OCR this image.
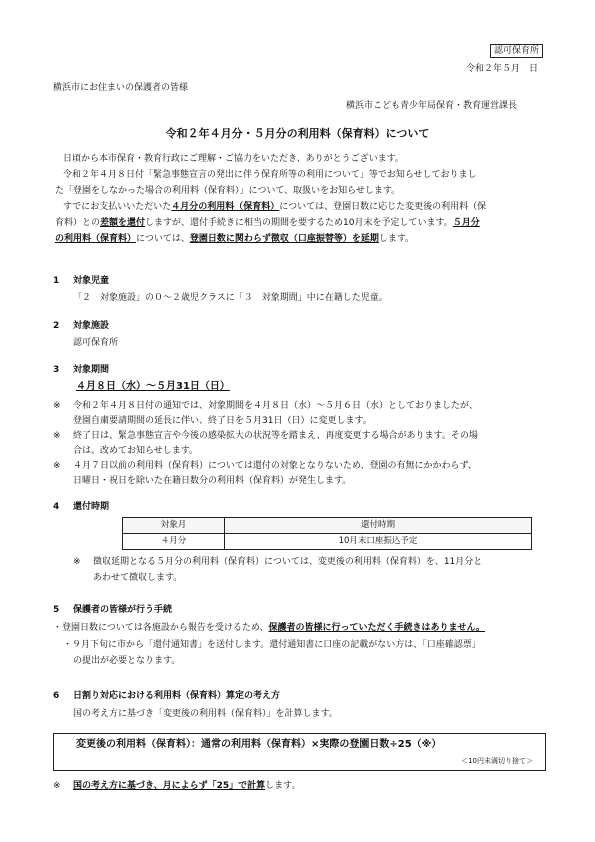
認可保育所
令和２年５月　日
横浜市にお住まいの保護者の皆様
横浜市こども青少年局保育・教育運営課長
令和２年４月分・５月分の利用料（保育料）について
日頃から本市保育・教育行政にご理解・ご協力をいただき、ありがとうございます。
令和２年４月８日付「緊急事態宣言の発出に伴う保育所等の利用について」等でお知らせしておりまし
た「登園をしなかった場合の利用料（保育料）」について、取扱いをお知らせします。
すでにお支払いいただいた４月分の利用料（保育料）については、登園日数に応じた変更後の利用料（保
育料）との差額を還付しますが、還付手続きに相当の期間を要するため10月末を予定しています。５月分
の利用料（保育料）については、登園日数に関わらず徴収（口座振替等）を延期します。
1 対象児童
「２　対象施設」の０～２歳児クラスに「３　対象期間」中に在籍した児童。
2 対象施設
認可保育所
3 対象期間
４月８日（水）～５月31日（日）
※ 令和２年４月８日付の通知では、対象期間を４月８日（水）～５月６日（水）としておりましたが、
登園自粛要請期間の延長に伴い、終了日を５月31日（日）に変更します。
※ 終了日は、緊急事態宣言や今後の感染拡大の状況等を踏まえ、再度変更する場合があります。その場
合は、改めてお知らせします。
※ ４月７日以前の利用料（保育料）については還付の対象となりないため、登園の有無にかかわらず、
日曜日・祝日を除いた在籍日数分の利用料（保育料）が発生します。
4 還付時期
対象月	還付時期
４月分	10月末口座振込予定
※ 徴収延期となる５月分の利用料（保育料）については、変更後の利用料（保育料）を、11月分と
あわせて徴収します。
5 保護者の皆様が行う手続
・登園日数については各施設から報告を受けるため、保護者の皆様に行っていただく手続きはありません。
・９月下旬に市から「還付通知書」を送付します。還付通知書に口座の記載がない方は、「口座確認票」
の提出が必要となります。
6 日割り対応における利用料（保育料）算定の考え方
国の考え方に基づき「変更後の利用料（保育料）」を計算します。
変更後の利用料（保育料）：通常の利用料（保育料）×実際の登園日数÷25（※）
＜10円未満切り捨て＞
※ 国の考え方に基づき、月によらず「25」で計算します。
